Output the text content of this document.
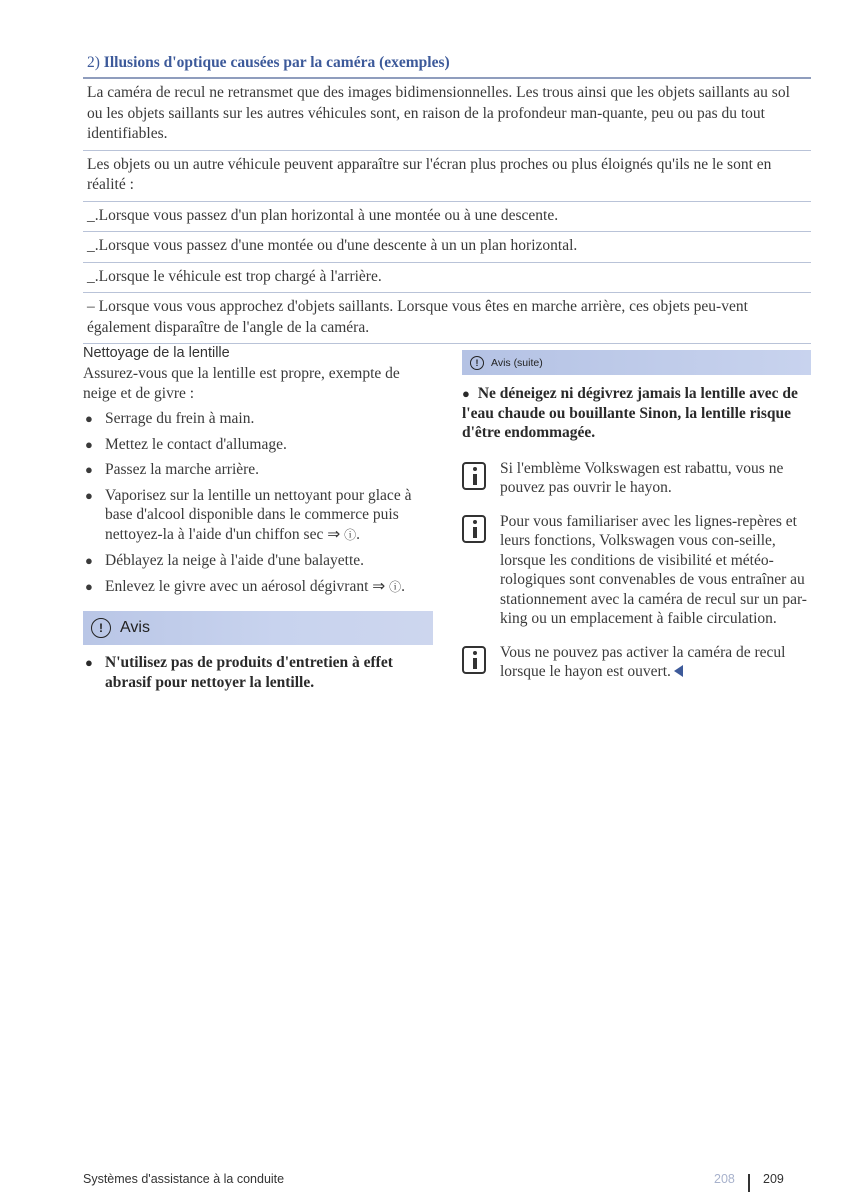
2) Illusions d'optique causées par la caméra (exemples)
La caméra de recul ne retransmet que des images bidimensionnelles. Les trous ainsi que les objets saillants au sol ou les objets saillants sur les autres véhicules sont, en raison de la profondeur man-quante, peu ou pas du tout identifiables.
Les objets ou un autre véhicule peuvent apparaître sur l'écran plus proches ou plus éloignés qu'ils ne le sont en réalité :
_.Lorsque vous passez d'un plan horizontal à une montée ou à une descente.
_.Lorsque vous passez d'une montée ou d'une descente à un un plan horizontal.
_.Lorsque le véhicule est trop chargé à l'arrière.
– Lorsque vous vous approchez d'objets saillants. Lorsque vous êtes en marche arrière, ces objets peu-vent également disparaître de l'angle de la caméra.
Nettoyage de la lentille
Assurez-vous que la lentille est propre, exempte de neige et de givre :
● Serrage du frein à main.
● Mettez le contact d'allumage.
● Passez la marche arrière.
● Vaporisez sur la lentille un nettoyant pour glace à base d'alcool disponible dans le commerce puis nettoyez-la à l'aide d'un chiffon sec ⇒ ⓘ.
● Déblayez la neige à l'aide d'une balayette.
● Enlevez le givre avec un aérosol dégivrant ⇒ ⓘ.
!	Avis
● N'utilisez pas de produits d'entretien à effet abrasif pour nettoyer la lentille.
!	Avis (suite)
● Ne déneigez ni dégivrez jamais la lentille avec de l'eau chaude ou bouillante Sinon, la lentille risque d'être endommagée.
Si l'emblème Volkswagen est rabattu, vous ne pouvez pas ouvrir le hayon.
Pour vous familiariser avec les lignes-repères et leurs fonctions, Volkswagen vous con-seille, lorsque les conditions de visibilité et météo-rologiques sont convenables de vous entraîner au stationnement avec la caméra de recul sur un par-king ou un emplacement à faible circulation.
Vous ne pouvez pas activer la caméra de recul lorsque le hayon est ouvert.
Systèmes d'assistance à la conduite	208 209
